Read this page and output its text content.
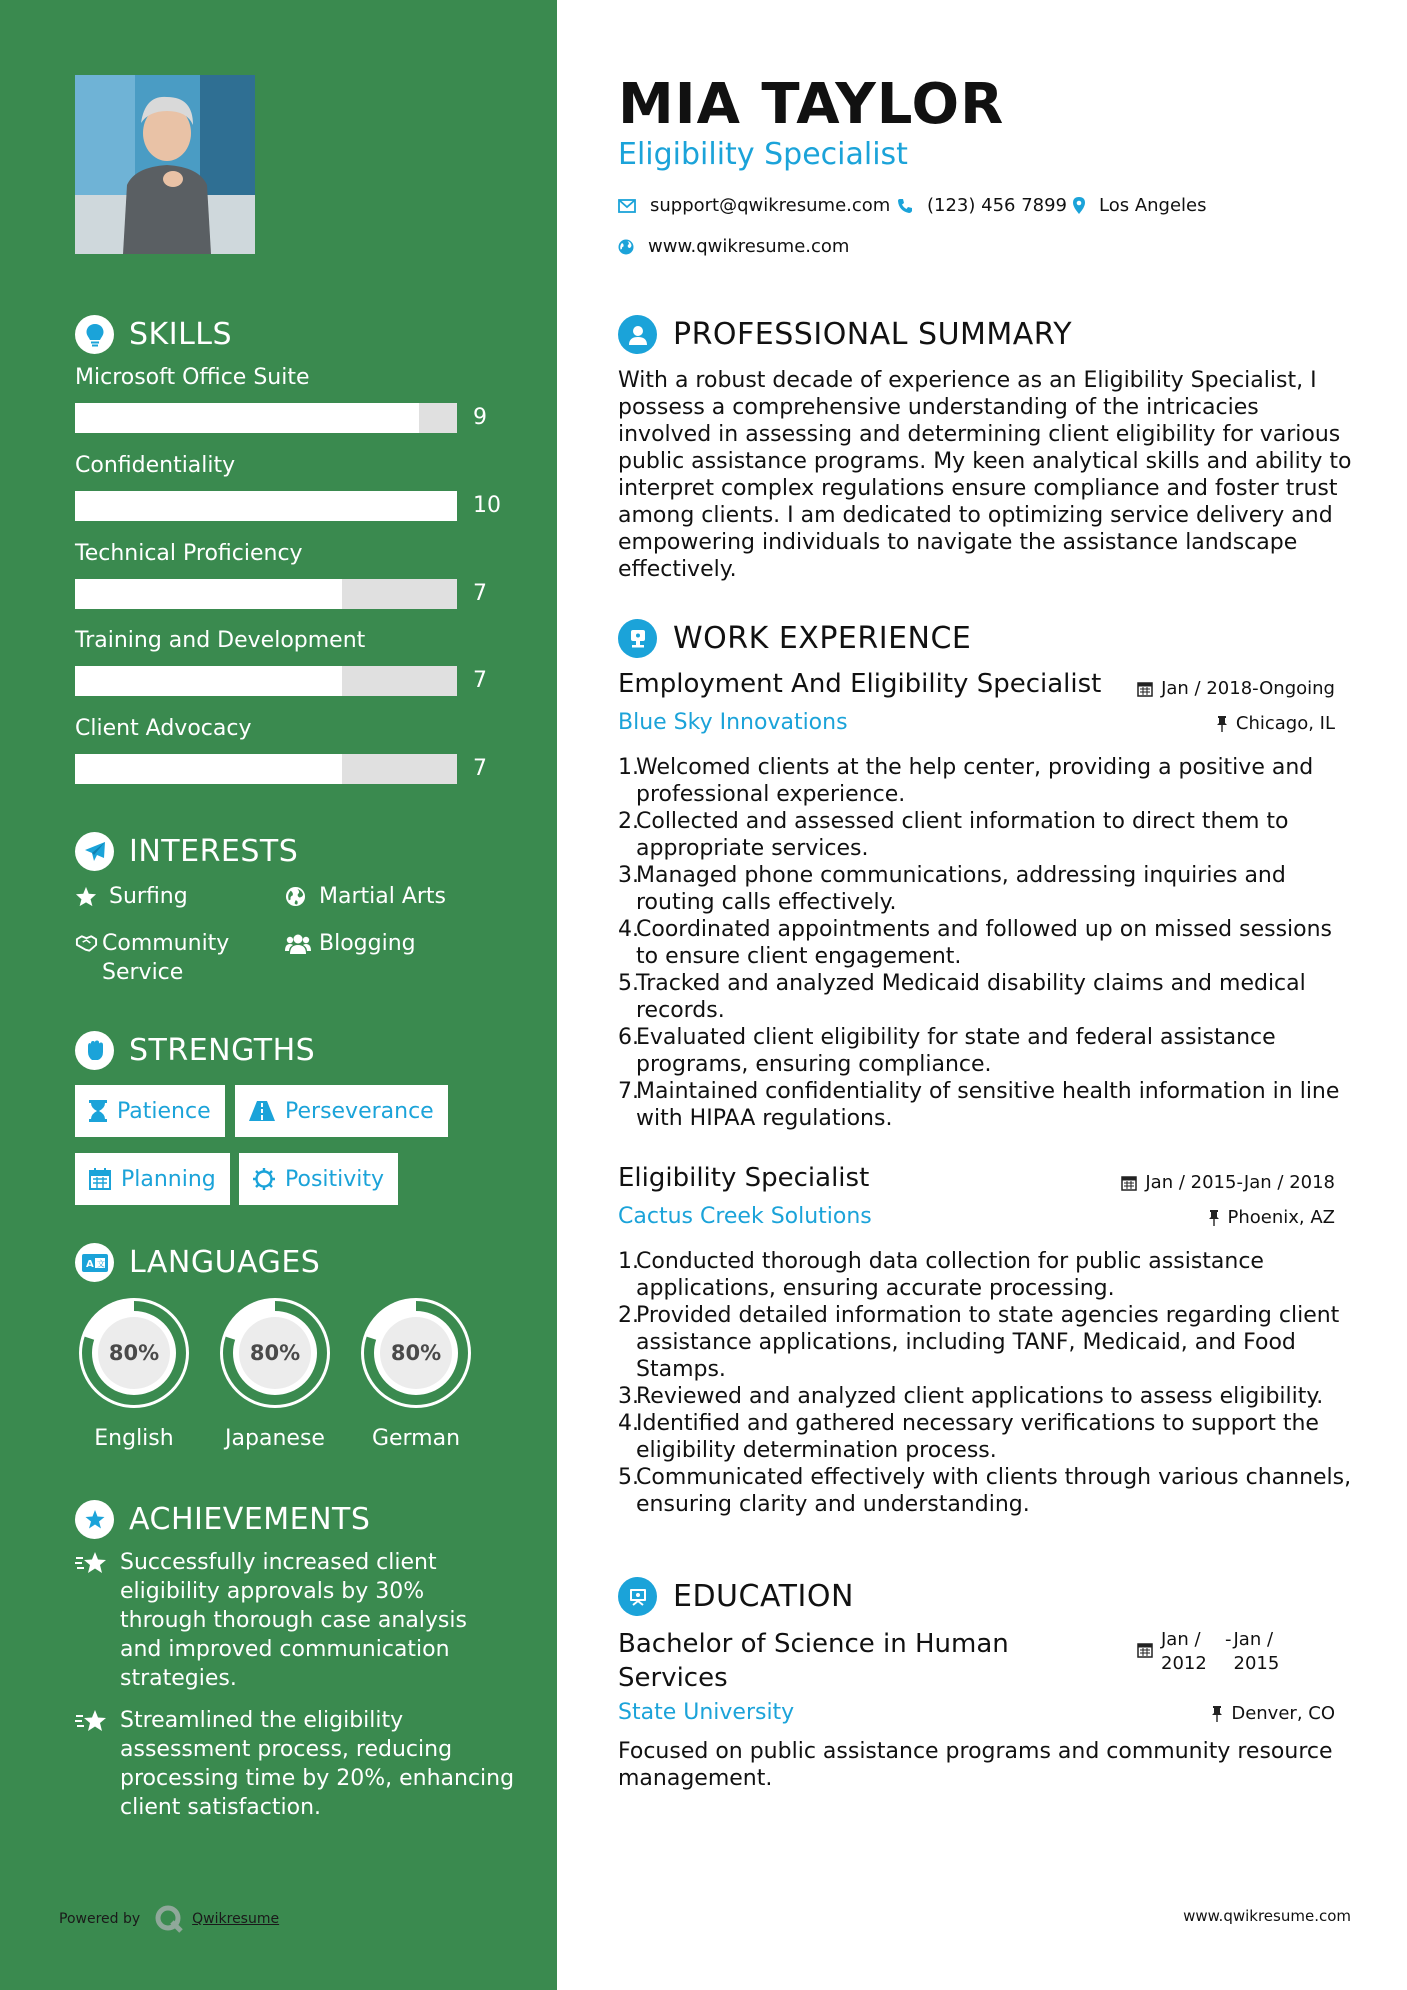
SKILLS
Microsoft Office Suite
9
Confidentiality
10
Technical Proficiency
7
Training and Development
7
Client Advocacy
7
INTERESTS
Surfing	Martial Arts
Community Service
Blogging
STRENGTHS
Patience	Perseverance
Planning	Positivity
A 文 LANGUAGES
80%
English
80%
Japanese
80%
German
ACHIEVEMENTS
Successfully increased client eligibility approvals by 30% through thorough case analysis and improved communication strategies.
Streamlined the eligibility assessment process, reducing processing time by 20%, enhancing client satisfaction.
Powered by	Qwikresume
MIA TAYLOR
Eligibility Specialist
support@qwikresume.com (123) 456 7899 Los Angeles
www.qwikresume.com
PROFESSIONAL SUMMARY
With a robust decade of experience as an Eligibility Specialist, I possess a comprehensive understanding of the intricacies involved in assessing and determining client eligibility for various public assistance programs. My keen analytical skills and ability to interpret complex regulations ensure compliance and foster trust among clients. I am dedicated to optimizing service delivery and empowering individuals to navigate the assistance landscape effectively.
WORK EXPERIENCE
Employment And Eligibility Specialist	Jan / 2018-Ongoing
Blue Sky Innovations	Chicago, IL
1.
Welcomed clients at the help center, providing a positive and professional experience.
2.
Collected and assessed client information to direct them to appropriate services.
3.
Managed phone communications, addressing inquiries and routing calls effectively.
4.
Coordinated appointments and followed up on missed sessions to ensure client engagement.
5.
Tracked and analyzed Medicaid disability claims and medical records.
6.
Evaluated client eligibility for state and federal assistance programs, ensuring compliance.
7.
Maintained confidentiality of sensitive health information in line with HIPAA regulations.
Eligibility Specialist	Jan / 2015-Jan / 2018
Cactus Creek Solutions	Phoenix, AZ
1.
Conducted thorough data collection for public assistance applications, ensuring accurate processing.
2.
Provided detailed information to state agencies regarding client assistance applications, including TANF, Medicaid, and Food Stamps.
3.
Reviewed and analyzed client applications to assess eligibility.
4.
Identified and gathered necessary verifications to support the eligibility determination process.
5.
Communicated effectively with clients through various channels, ensuring clarity and understanding.
EDUCATION
Bachelor of Science in Human Services
Jan / 2012
- Jan / 2015
State University	Denver, CO
Focused on public assistance programs and community resource management.
www.qwikresume.com
